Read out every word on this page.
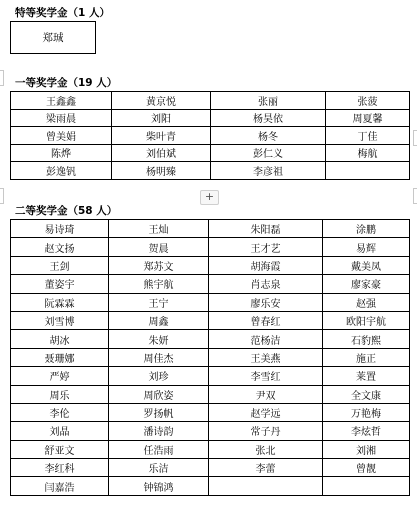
特等奖学金（1 人）
郑珹
一等奖学金（19 人）
王鑫鑫	黄京悦	张丽	张菠
梁雨晨	刘阳	杨昊依	周夏馨
曾美娟	柴叶青	杨冬	丁佳
陈烨	刘伯斌	彭仁义	梅航
彭逸钒	杨明臻	李彦祖	
+
二等奖学金（58 人）
易诗琦	王灿	朱阳磊	涂鹏
赵文扬	贺晨	王才艺	易辉
王剑	郑苏文	胡海霞	戴美凤
董姿宇	熊宇航	肖志泉	廖家豪
阮霖霖	王宁	廖乐安	赵强
刘雪博	周鑫	曾春红	欧阳宇航
胡冰	朱妍	范杨洁	石豹熙
聂珊娜	周佳杰	王美燕	施正
严婷	刘珍	李雪红	莱置
周乐	周欣姿	尹双	全文康
李伦	罗扬帆	赵学远	万艳梅
刘晶	潘诗韵	常子丹	李炫哲
舒亚文	任浩雨	张北	刘湘
李红科	乐洁	李蕾	曾靓
闫嘉浩	钟锦鸿		
